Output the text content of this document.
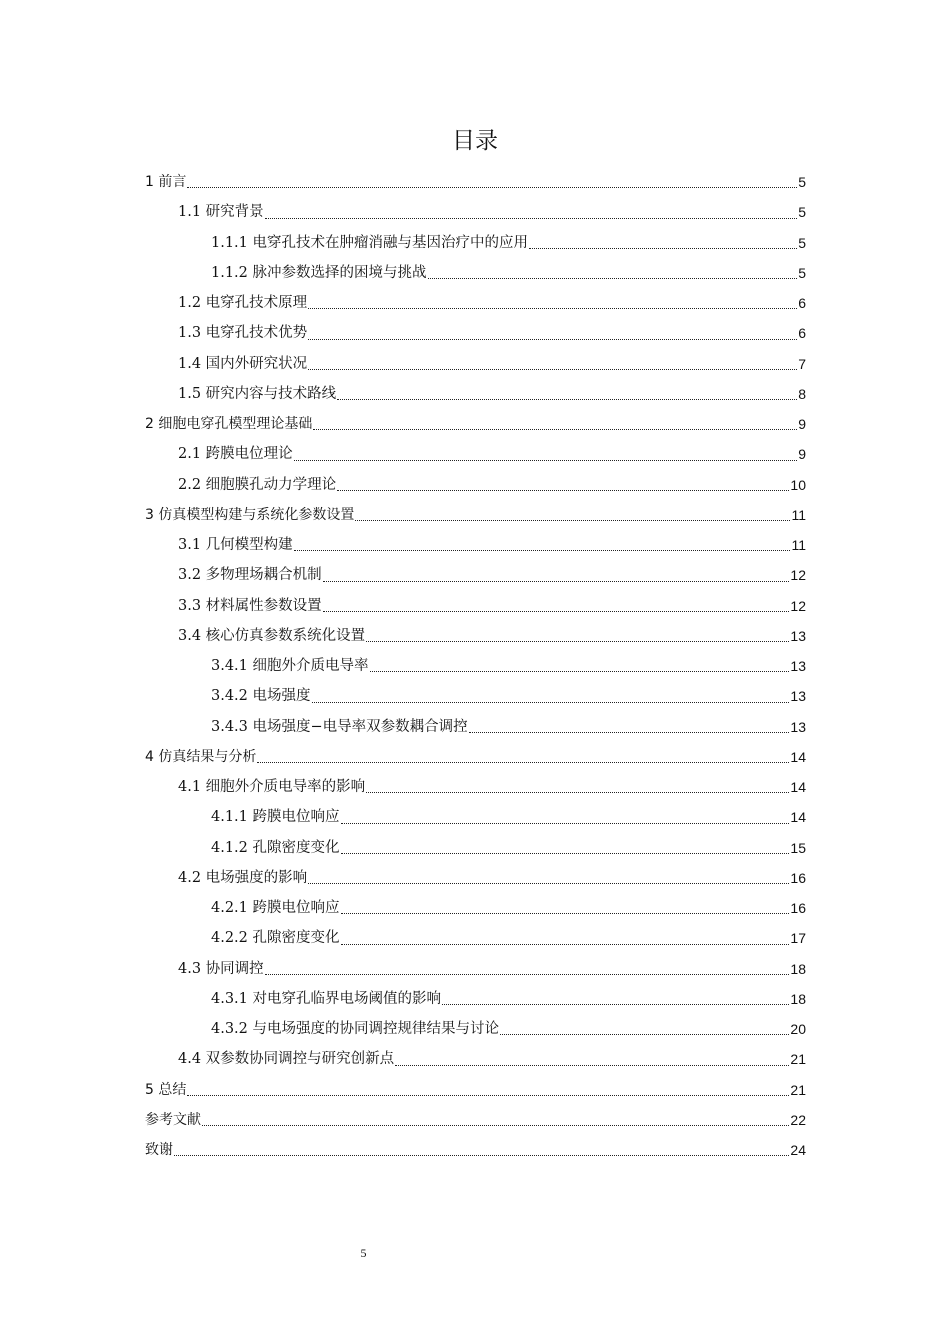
目录
1 前言	5
1.1 研究背景	5
1.1.1 电穿孔技术在肿瘤消融与基因治疗中的应用	5
1.1.2 脉冲参数选择的困境与挑战	5
1.2 电穿孔技术原理	6
1.3 电穿孔技术优势	6
1.4 国内外研究状况	7
1.5 研究内容与技术路线	8
2 细胞电穿孔模型理论基础	9
2.1 跨膜电位理论	9
2.2 细胞膜孔动力学理论	10
3 仿真模型构建与系统化参数设置	11
3.1 几何模型构建	11
3.2 多物理场耦合机制	12
3.3 材料属性参数设置	12
3.4 核心仿真参数系统化设置	13
3.4.1 细胞外介质电导率	13
3.4.2 电场强度	13
3.4.3 电场强度−电导率双参数耦合调控	13
4 仿真结果与分析	14
4.1 细胞外介质电导率的影响	14
4.1.1 跨膜电位响应	14
4.1.2 孔隙密度变化	15
4.2 电场强度的影响	16
4.2.1 跨膜电位响应	16
4.2.2 孔隙密度变化	17
4.3 协同调控	18
4.3.1 对电穿孔临界电场阈值的影响	18
4.3.2 与电场强度的协同调控规律结果与讨论	20
4.4 双参数协同调控与研究创新点	21
5 总结	21
参考文献	22
致谢	24
5
